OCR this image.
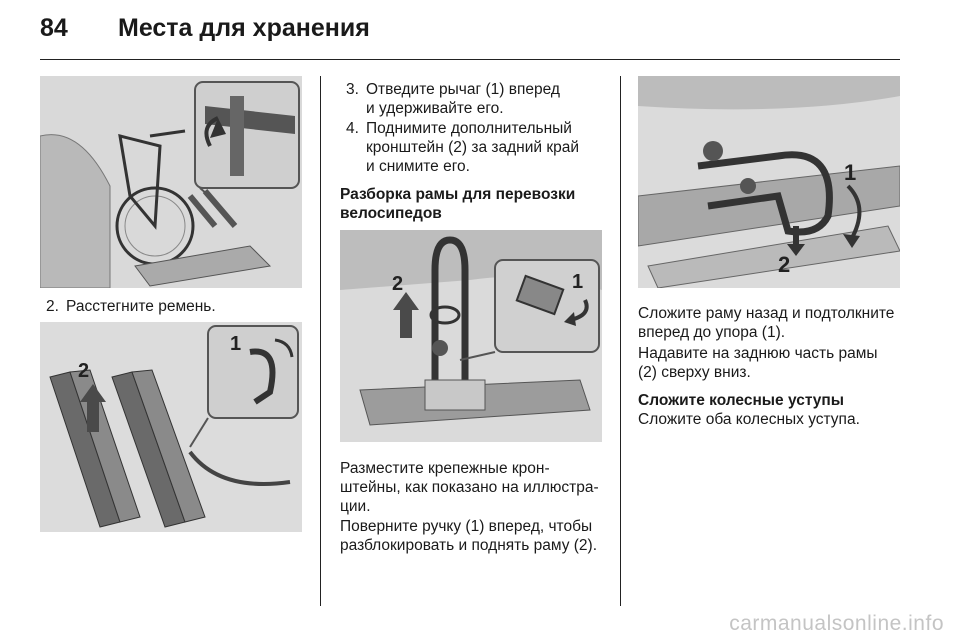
84 Места для хранения
2. Расстегните ремень.
2
1
3. Отведите рычаг (1) вперед
и удерживайте его.
4. Поднимите дополнительный
кронштейн (2) за задний край
и снимите его.
Разборка рамы для перевозки
велосипедов
2	1
Разместите крепежные крон-
штейны, как показано на иллюстра-
ции.
Поверните ручку (1) вперед, чтобы
разблокировать и поднять раму (2).
1
2
Сложите раму назад и подтолкните
вперед до упора (1).
Надавите на заднюю часть рамы
(2) сверху вниз.
Сложите колесные уступы
Сложите оба колесных уступа.
carmanualsonline.info
